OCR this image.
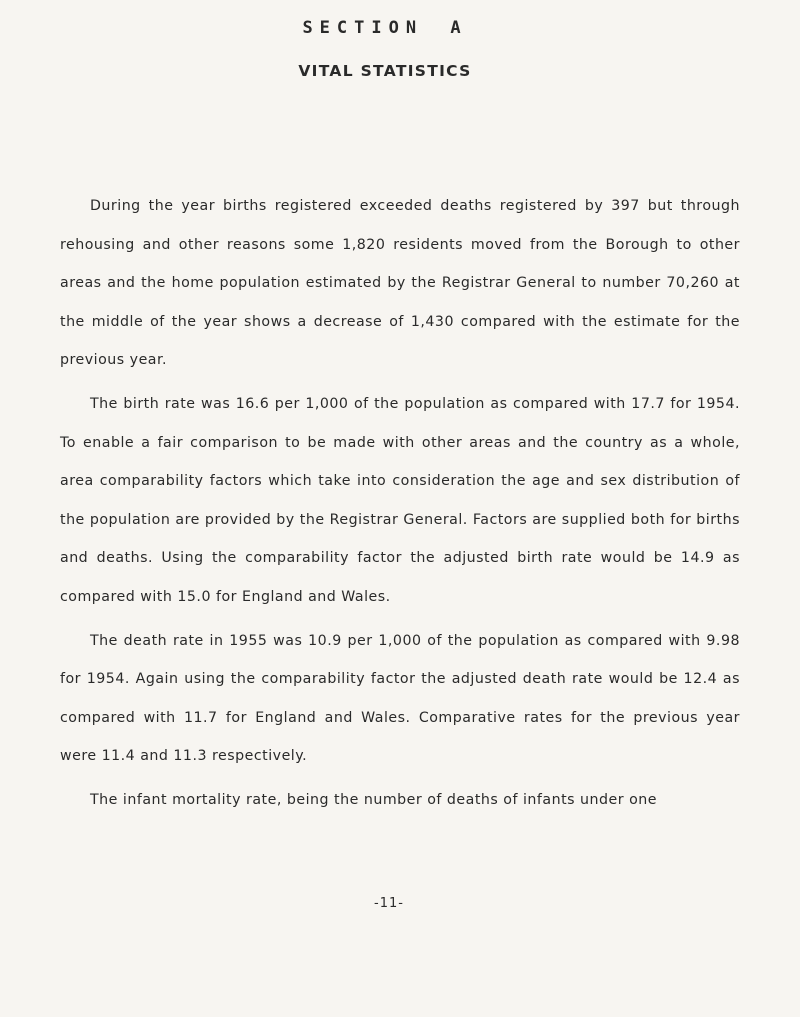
SECTION A
VITAL STATISTICS

During the year births registered exceeded deaths registered by 397 but through rehousing and other reasons some 1,820 residents moved from the Borough to other areas and the home population estimated by the Registrar General to number 70,260 at the middle of the year shows a decrease of 1,430 compared with the estimate for the previous year.

The birth rate was 16.6 per 1,000 of the population as compared with 17.7 for 1954. To enable a fair comparison to be made with other areas and the country as a whole, area comparability factors which take into consideration the age and sex distribution of the population are provided by the Registrar General. Factors are supplied both for births and deaths. Using the comparability factor the adjusted birth rate would be 14.9 as compared with 15.0 for England and Wales.

The death rate in 1955 was 10.9 per 1,000 of the population as compared with 9.98 for 1954. Again using the comparability factor the adjusted death rate would be 12.4 as compared with 11.7 for England and Wales. Comparative rates for the previous year were 11.4 and 11.3 respectively.

The infant mortality rate, being the number of deaths of infants under one

-11-
